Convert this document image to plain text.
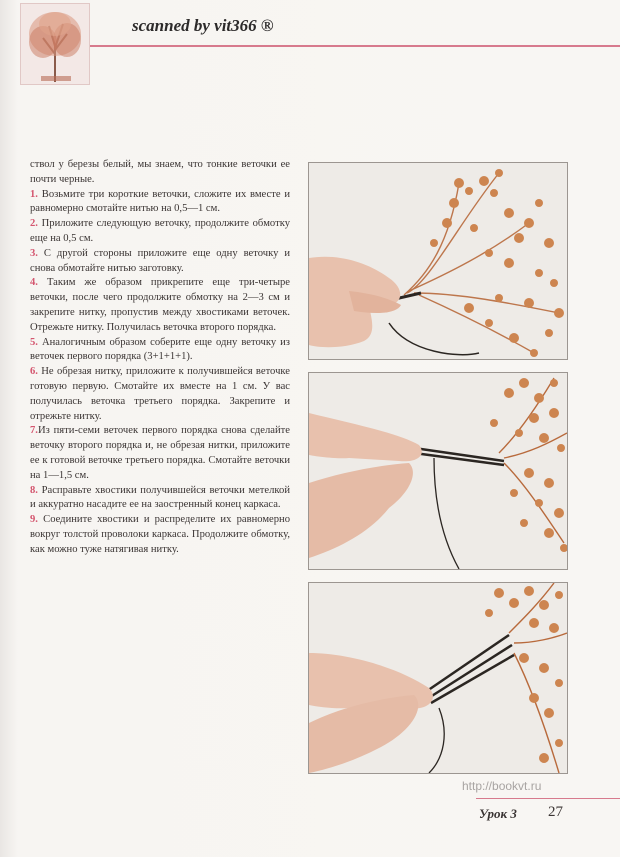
scanned by vit366 ®

ствол у березы белый, мы знаем, что тонкие веточки ее почти черные.

1. Возьмите три короткие веточки, сложите их вместе и равномерно смотайте нитью на 0,5—1 см.

2. Приложите следующую веточку, продолжите обмотку еще на 0,5 см.

3. С другой стороны приложите еще одну веточку и снова обмотайте нитью заготовку.

4. Таким же образом прикрепите еще три-четыре веточки, после чего продолжите обмотку на 2—3 см и закрепите нитку, пропустив между хвостиками веточек. Отрежьте нитку. Получилась веточка второго порядка.

5. Аналогичным образом соберите еще одну веточку из веточек первого порядка (3+1+1+1).

6. Не обрезая нитку, приложите к получившейся веточке готовую первую. Смотайте их вместе на 1 см. У вас получилась веточка третьего порядка. Закрепите и отрежьте нитку.

7.Из пяти-семи веточек первого порядка снова сделайте веточку второго порядка и, не обрезая нитки, приложите ее к готовой веточке третьего порядка. Смотайте веточки на 1—1,5 см.

8. Расправьте хвостики получившейся веточки метелкой и аккуратно насадите ее на заостренный конец каркаса.

9. Соедините хвостики и распределите их равномерно вокруг толстой проволоки каркаса. Продолжите обмотку, как можно туже натягивая нитку.

http://bookvt.ru
Урок 3 27
